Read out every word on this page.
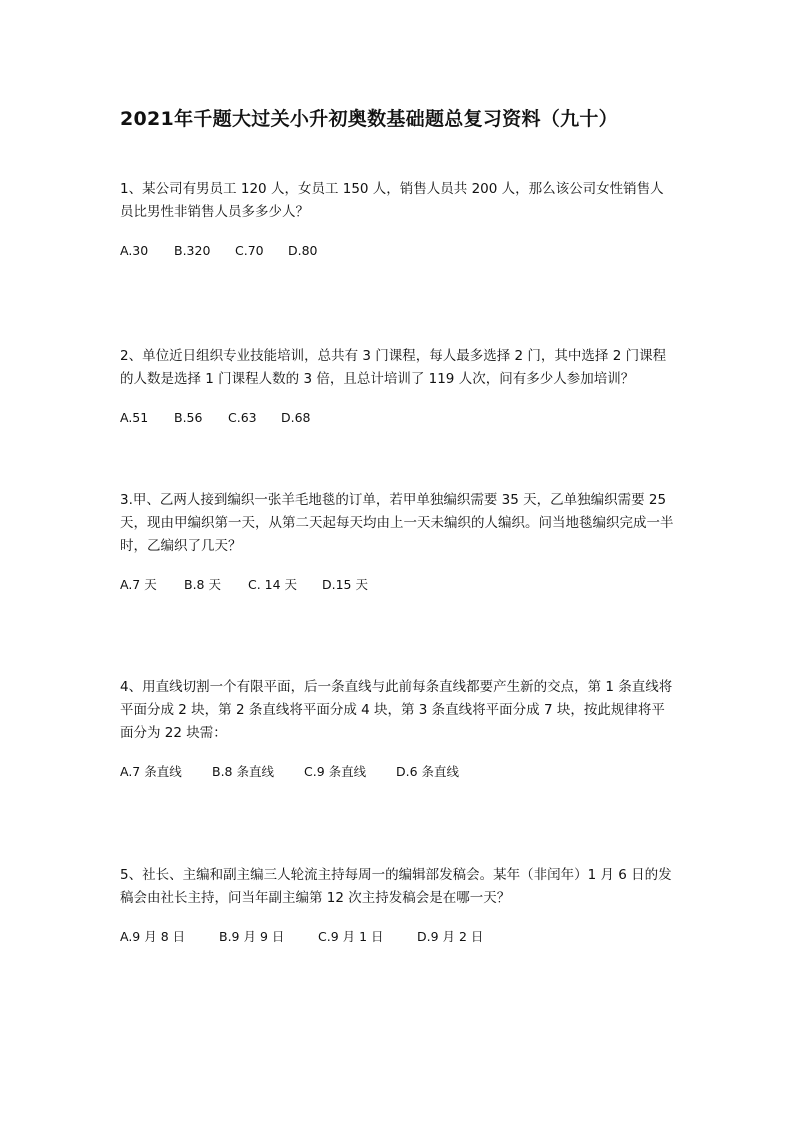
2021年千题大过关小升初奥数基础题总复习资料（九十）

1、某公司有男员工 120 人，女员工 150 人，销售人员共 200 人，那么该公司女性销售人员比男性非销售人员多多少人？

A.30	B.320	C.70	D.80

2、单位近日组织专业技能培训，总共有 3 门课程，每人最多选择 2 门，其中选择 2 门课程的人数是选择 1 门课程人数的 3 倍，且总计培训了 119 人次，问有多少人参加培训？

A.51	B.56	C.63	D.68

3.甲、乙两人接到编织一张羊毛地毯的订单，若甲单独编织需要 35 天，乙单独编织需要 25 天，现由甲编织第一天，从第二天起每天均由上一天未编织的人编织。问当地毯编织完成一半时，乙编织了几天？

A.7 天	B.8 天	C. 14 天	D.15 天

4、用直线切割一个有限平面，后一条直线与此前每条直线都要产生新的交点，第 1 条直线将平面分成 2 块，第 2 条直线将平面分成 4 块，第 3 条直线将平面分成 7 块，按此规律将平面分为 22 块需：

A.7 条直线	B.8 条直线	C.9 条直线	D.6 条直线

5、社长、主编和副主编三人轮流主持每周一的编辑部发稿会。某年（非闰年）1 月 6 日的发稿会由社长主持，问当年副主编第 12 次主持发稿会是在哪一天？

A.9 月 8 日	B.9 月 9 日	C.9 月 1 日	D.9 月 2 日
